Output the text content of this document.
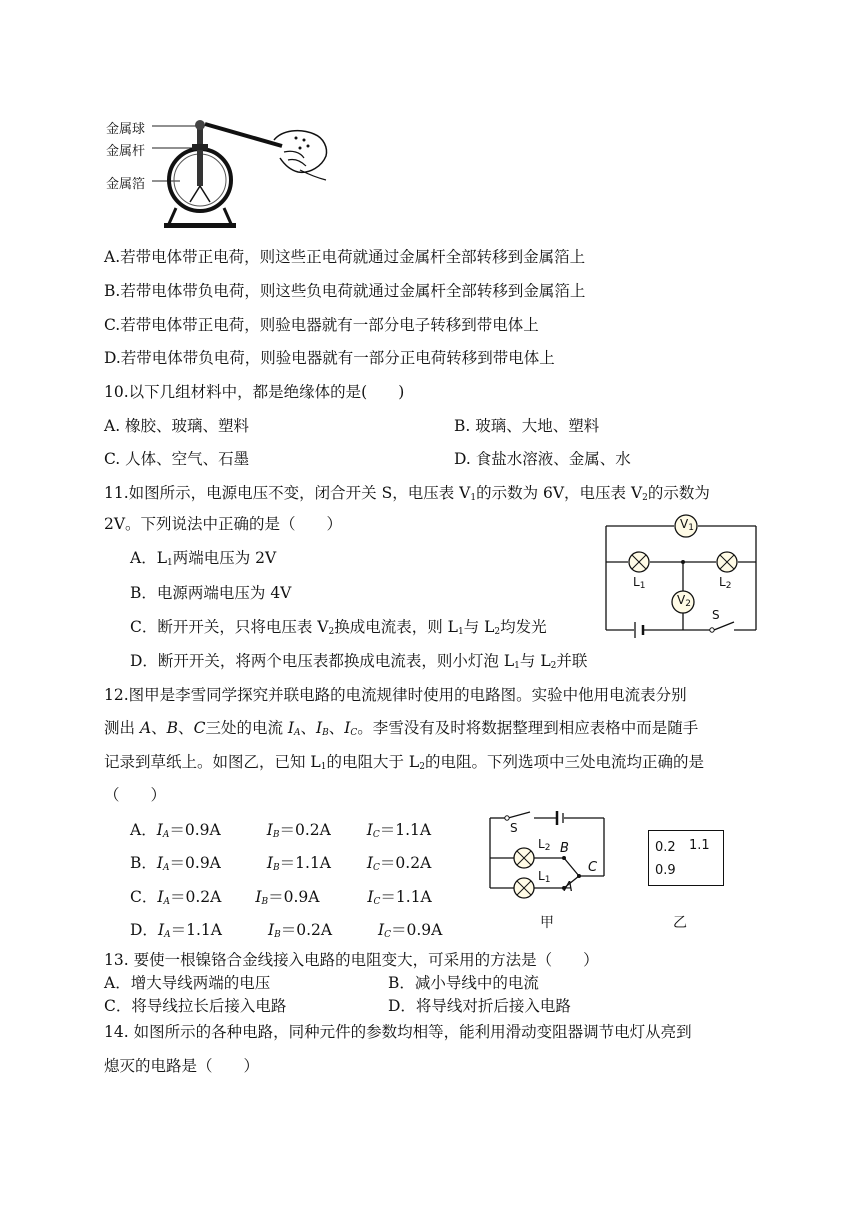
金属球
金属杆
金属箔
A.若带电体带正电荷，则这些正电荷就通过金属杆全部转移到金属箔上
B.若带电体带负电荷，则这些负电荷就通过金属杆全部转移到金属箔上
C.若带电体带正电荷，则验电器就有一部分电子转移到带电体上
D.若带电体带负电荷，则验电器就有一部分正电荷转移到带电体上
10.以下几组材料中，都是绝缘体的是(　　)
A. 橡胶、玻璃、塑料	B. 玻璃、大地、塑料
C. 人体、空气、石墨	D. 食盐水溶液、金属、水
11.如图所示，电源电压不变，闭合开关 S，电压表 $V_1$的示数为 6V，电压表 $V_2$的示数为
2V。下列说法中正确的是（　　）
A．$L_1$两端电压为 2V
B．电源两端电压为 4V
C．断开开关，只将电压表 $V_2$换成电流表，则 $L_1$与 $L_2$均发光
D．断开开关，将两个电压表都换成电流表，则小灯泡 $L_1$与 $L_2$并联
$V_1$
$V_2$
$L_1$	$L_2$
S
12.图甲是李雪同学探究并联电路的电流规律时使用的电路图。实验中他用电流表分别
测出 A、B、C三处的电流 $I_A$、$I_B$、$I_C$。李雪没有及时将数据整理到相应表格中而是随手
记录到草纸上。如图乙，已知 $L_1$的电阻大于 $L_2$的电阻。下列选项中三处电流均正确的是
（　　）
A．$I_A=0.9A$	$I_B=0.2A$ $I_C=1.1A$
B．$I_A=0.9A$	$I_B=1.1A$ $I_C=0.2A$
C．$I_A=0.2A$ $I_B=0.9A$	$I_C=1.1A$
D．$I_A=1.1A$	$I_B=0.2A$	$I_C=0.9A$
S
$L_2$
$L_1$
B
A
C
甲
0.2 1.1
0.9
乙
13. 要使一根镍铬合金线接入电路的电阻变大，可采用的方法是（　　）
A．增大导线两端的电压	B．减小导线中的电流
C．将导线拉长后接入电路	D．将导线对折后接入电路
14. 如图所示的各种电路，同种元件的参数均相等，能利用滑动变阻器调节电灯从亮到
熄灭的电路是（　　）
